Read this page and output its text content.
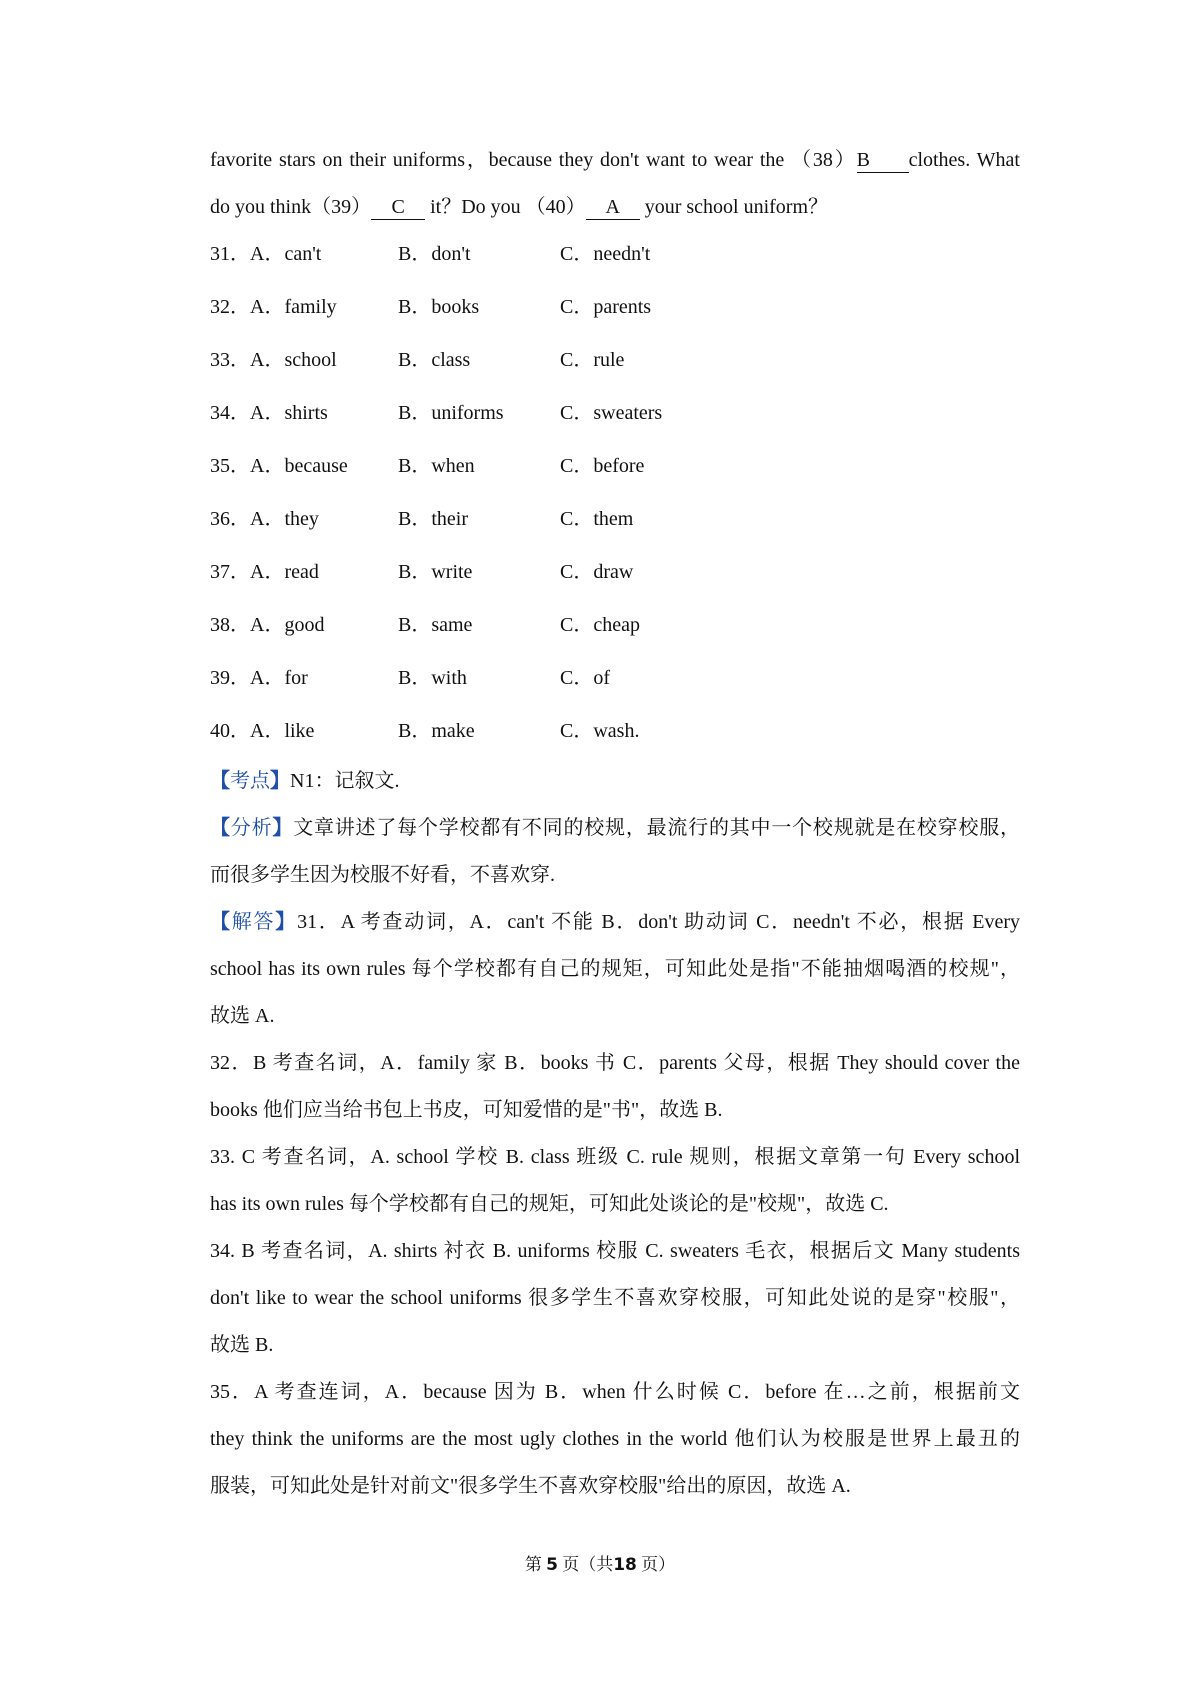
favorite stars on their uniforms，because they don't want to wear the （38）B clothes. What
do you think（39） C it？Do you （40） A your school uniform？
31． A．can't	B．don't	C．needn't
32． A．family	B．books	C．parents
33． A．school	B．class	C．rule
34． A．shirts	B．uniforms	C．sweaters
35． A．because	B．when	C．before
36． A．they	B．their	C．them
37． A．read	B．write	C．draw
38． A．good	B．same	C．cheap
39． A．for	B．with	C．of
40． A．like	B．make	C．wash.
【考点】N1：记叙文.
【分析】文章讲述了每个学校都有不同的校规，最流行的其中一个校规就是在校穿校服，
而很多学生因为校服不好看，不喜欢穿.
【解答】31．A 考查动词，A．can't 不能 B．don't 助动词 C．needn't 不必，根据 Every
school has its own rules 每个学校都有自己的规矩，可知此处是指"不能抽烟喝酒的校规"，
故选 A.
32．B 考查名词，A．family 家 B．books 书 C．parents 父母，根据 They should cover the
books 他们应当给书包上书皮，可知爱惜的是"书"，故选 B.
33. C 考查名词，A. school 学校 B. class 班级 C. rule 规则，根据文章第一句 Every school
has its own rules 每个学校都有自己的规矩，可知此处谈论的是"校规"，故选 C.
34. B 考查名词，A. shirts 衬衣 B. uniforms 校服 C. sweaters 毛衣，根据后文 Many students
don't like to wear the school uniforms 很多学生不喜欢穿校服，可知此处说的是穿"校服"，
故选 B.
35．A 考查连词，A．because 因为 B．when 什么时候 C．before 在…之前，根据前文
they think the uniforms are the most ugly clothes in the world 他们认为校服是世界上最丑的
服装，可知此处是针对前文"很多学生不喜欢穿校服"给出的原因，故选 A.
第 5 页（共18 页）
